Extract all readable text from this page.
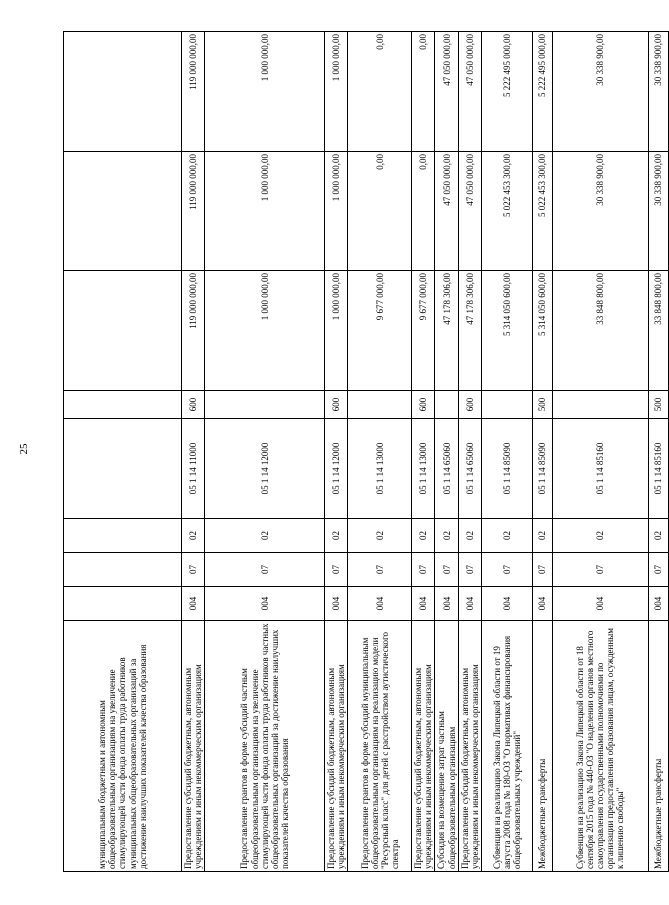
25
муниципальным бюджетным и автономным общеобразовательным организациям на увеличение стимулирующей части фонда оплаты труда работников муниципальных общеобразовательных организаций за достижение наилучших показателей качества образования								
Предоставление субсидий бюджетным, автономным учреждениям и иным некоммерческим организациям	004	07	02	05 1 14 11000	600	119 000 000,00	119 000 000,00	119 000 000,00
Предоставление грантов в форме субсидий частным общеобразовательным организациям на увеличение стимулирующей части фонда оплаты труда работников частных общеобразовательных организаций за достижение наилучших показателей качества образования	004	07	02	05 1 14 12000		1 000 000,00	1 000 000,00	1 000 000,00
Предоставление субсидий бюджетным, автономным учреждениям и иным некоммерческим организациям	004	07	02	05 1 14 12000	600	1 000 000,00	1 000 000,00	1 000 000,00
Предоставление грантов в форме субсидий муниципальным общеобразовательным организациям на реализацию модели "Ресурсный класс" для детей с расстройством аутистического спектра	004	07	02	05 1 14 13000		9 677 000,00	0,00	0,00
Предоставление субсидий бюджетным, автономным учреждениям и иным некоммерческим организациям	004	07	02	05 1 14 13000	600	9 677 000,00	0,00	0,00
Субсидия на возмещение затрат частным общеобразовательным организациям	004	07	02	05 1 14 65060		47 178 306,00	47 050 000,00	47 050 000,00
Предоставление субсидий бюджетным, автономным учреждениям и иным некоммерческим организациям	004	07	02	05 1 14 65060	600	47 178 306,00	47 050 000,00	47 050 000,00
Субвенция на реализацию Закона Липецкой области от 19 августа 2008 года № 180-ОЗ "О нормативах финансирования общеобразовательных учреждений"	004	07	02	05 1 14 85090		5 314 050 600,00	5 022 453 300,00	5 222 495 000,00
Межбюджетные трансферты	004	07	02	05 1 14 85090	500	5 314 050 600,00	5 022 453 300,00	5 222 495 000,00
Субвенция на реализацию Закона Липецкой области от 18 сентября 2015 года № 440-ОЗ "О наделении органов местного самоуправления государственными полномочиями по организации предоставления образования лицам, осужденным к лишению свободы"	004	07	02	05 1 14 85160		33 848 800,00	30 338 900,00	30 338 900,00
Межбюджетные трансферты	004	07	02	05 1 14 85160	500	33 848 800,00	30 338 900,00	30 338 900,00
